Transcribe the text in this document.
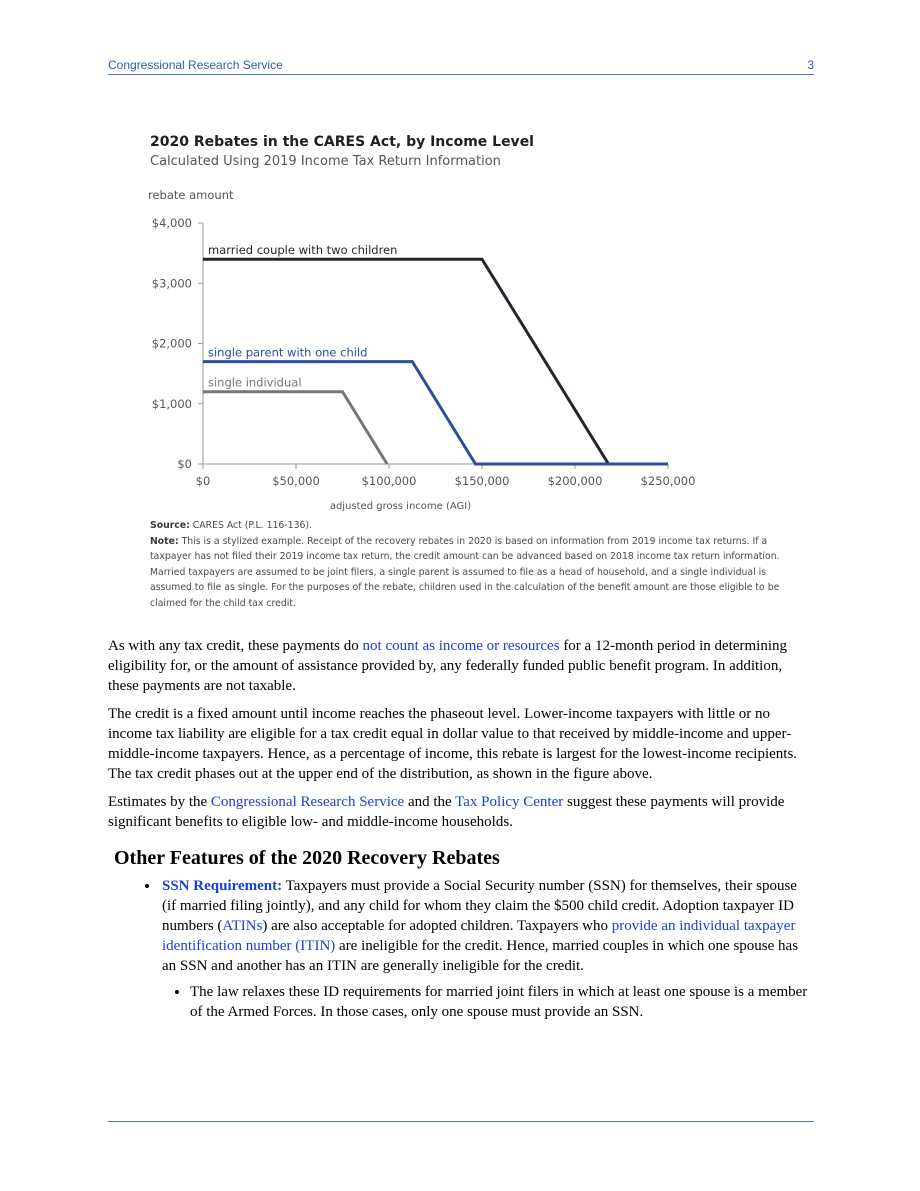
Congressional Research Service	3
2020 Rebates in the CARES Act, by Income Level
Calculated Using 2019 Income Tax Return Information
rebate amount
$0
$1,000
$2,000
$3,000
$4,000
$0	$50,000	$100,000	$150,000	$200,000	$250,000
adjusted gross income (AGI)
married couple with two children
single parent with one child
single individual
Source: CARES Act (P.L. 116-136).
Note: This is a stylized example. Receipt of the recovery rebates in 2020 is based on information from 2019 income tax returns. If a taxpayer has not filed their 2019 income tax return, the credit amount can be advanced based on 2018 income tax return information. Married taxpayers are assumed to be joint filers, a single parent is assumed to file as a head of household, and a single individual is assumed to file as single. For the purposes of the rebate, children used in the calculation of the benefit amount are those eligible to be claimed for the child tax credit.

As with any tax credit, these payments do not count as income or resources for a 12-month period in determining eligibility for, or the amount of assistance provided by, any federally funded public benefit program. In addition, these payments are not taxable.

The credit is a fixed amount until income reaches the phaseout level. Lower-income taxpayers with little or no income tax liability are eligible for a tax credit equal in dollar value to that received by middle-income and upper-middle-income taxpayers. Hence, as a percentage of income, this rebate is largest for the lowest-income recipients. The tax credit phases out at the upper end of the distribution, as shown in the figure above.

Estimates by the Congressional Research Service and the Tax Policy Center suggest these payments will provide significant benefits to eligible low- and middle-income households.

Other Features of the 2020 Recovery Rebates
• SSN Requirement: Taxpayers must provide a Social Security number (SSN) for themselves, their spouse (if married filing jointly), and any child for whom they claim the $500 child credit. Adoption taxpayer ID numbers (ATINs) are also acceptable for adopted children. Taxpayers who provide an individual taxpayer identification number (ITIN) are ineligible for the credit. Hence, married couples in which one spouse has an SSN and another has an ITIN are generally ineligible for the credit.
• The law relaxes these ID requirements for married joint filers in which at least one spouse is a member of the Armed Forces. In those cases, only one spouse must provide an SSN.
